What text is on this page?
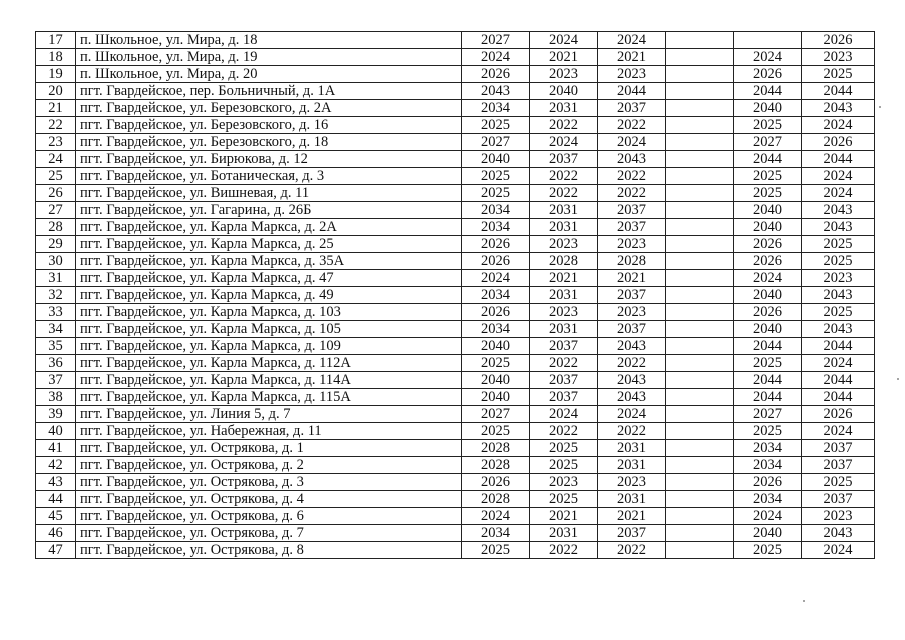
17	п. Школьное, ул. Мира, д. 18	2027	2024	2024			2026
18	п. Школьное, ул. Мира, д. 19	2024	2021	2021		2024	2023
19	п. Школьное, ул. Мира, д. 20	2026	2023	2023		2026	2025
20	пгт. Гвардейское, пер. Больничный, д. 1А	2043	2040	2044		2044	2044
21	пгт. Гвардейское, ул. Березовского, д. 2А	2034	2031	2037		2040	2043
22	пгт. Гвардейское, ул. Березовского, д. 16	2025	2022	2022		2025	2024
23	пгт. Гвардейское, ул. Березовского, д. 18	2027	2024	2024		2027	2026
24	пгт. Гвардейское, ул. Бирюкова, д. 12	2040	2037	2043		2044	2044
25	пгт. Гвардейское, ул. Ботаническая, д. 3	2025	2022	2022		2025	2024
26	пгт. Гвардейское, ул. Вишневая, д. 11	2025	2022	2022		2025	2024
27	пгт. Гвардейское, ул. Гагарина, д. 26Б	2034	2031	2037		2040	2043
28	пгт. Гвардейское, ул. Карла Маркса, д. 2А	2034	2031	2037		2040	2043
29	пгт. Гвардейское, ул. Карла Маркса, д. 25	2026	2023	2023		2026	2025
30	пгт. Гвардейское, ул. Карла Маркса, д. 35А	2026	2028	2028		2026	2025
31	пгт. Гвардейское, ул. Карла Маркса, д. 47	2024	2021	2021		2024	2023
32	пгт. Гвардейское, ул. Карла Маркса, д. 49	2034	2031	2037		2040	2043
33	пгт. Гвардейское, ул. Карла Маркса, д. 103	2026	2023	2023		2026	2025
34	пгт. Гвардейское, ул. Карла Маркса, д. 105	2034	2031	2037		2040	2043
35	пгт. Гвардейское, ул. Карла Маркса, д. 109	2040	2037	2043		2044	2044
36	пгт. Гвардейское, ул. Карла Маркса, д. 112А	2025	2022	2022		2025	2024
37	пгт. Гвардейское, ул. Карла Маркса, д. 114А	2040	2037	2043		2044	2044
38	пгт. Гвардейское, ул. Карла Маркса, д. 115А	2040	2037	2043		2044	2044
39	пгт. Гвардейское, ул. Линия 5, д. 7	2027	2024	2024		2027	2026
40	пгт. Гвардейское, ул. Набережная, д. 11	2025	2022	2022		2025	2024
41	пгт. Гвардейское, ул. Острякова, д. 1	2028	2025	2031		2034	2037
42	пгт. Гвардейское, ул. Острякова, д. 2	2028	2025	2031		2034	2037
43	пгт. Гвардейское, ул. Острякова, д. 3	2026	2023	2023		2026	2025
44	пгт. Гвардейское, ул. Острякова, д. 4	2028	2025	2031		2034	2037
45	пгт. Гвардейское, ул. Острякова, д. 6	2024	2021	2021		2024	2023
46	пгт. Гвардейское, ул. Острякова, д. 7	2034	2031	2037		2040	2043
47	пгт. Гвардейское, ул. Острякова, д. 8	2025	2022	2022		2025	2024
